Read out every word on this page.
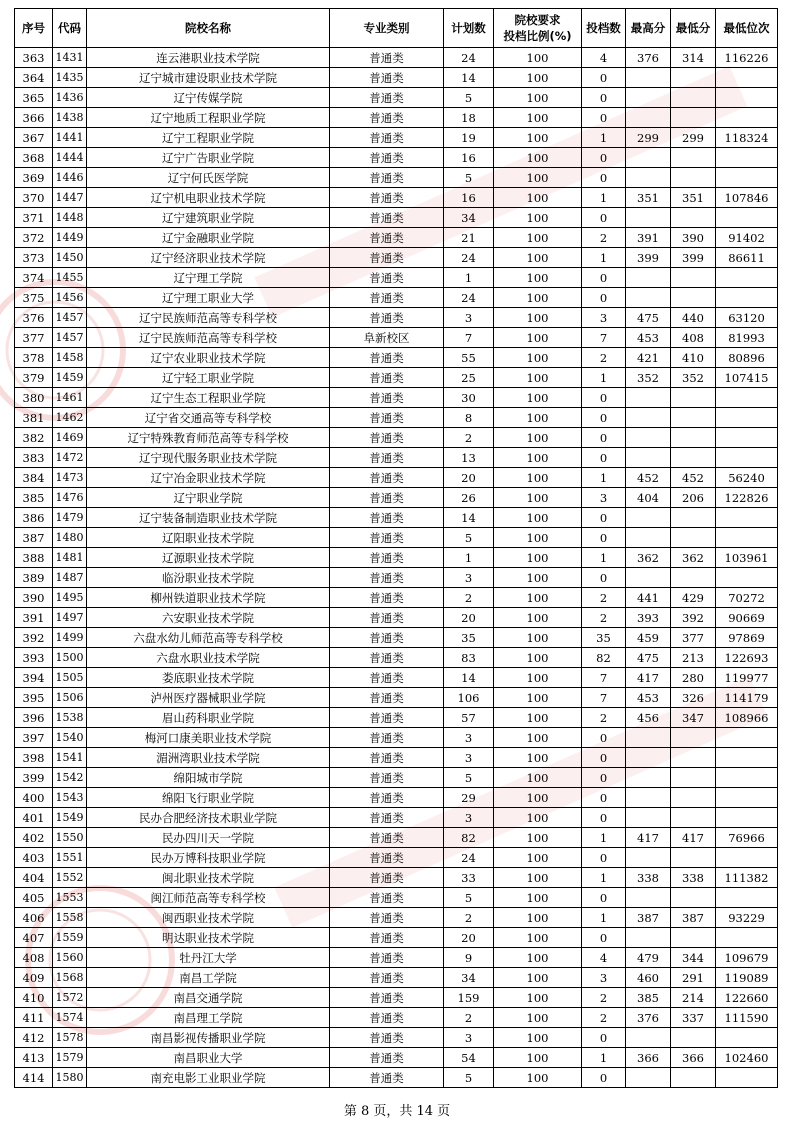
序号	代码	院校名称	专业类别	计划数	院校要求
投档比例(%)	投档数	最高分	最低分	最低位次
363	1431	连云港职业技术学院	普通类	24	100	4	376	314	116226
364	1435	辽宁城市建设职业技术学院	普通类	14	100	0			
365	1436	辽宁传媒学院	普通类	5	100	0			
366	1438	辽宁地质工程职业学院	普通类	18	100	0			
367	1441	辽宁工程职业学院	普通类	19	100	1	299	299	118324
368	1444	辽宁广告职业学院	普通类	16	100	0			
369	1446	辽宁何氏医学院	普通类	5	100	0			
370	1447	辽宁机电职业技术学院	普通类	16	100	1	351	351	107846
371	1448	辽宁建筑职业学院	普通类	34	100	0			
372	1449	辽宁金融职业学院	普通类	21	100	2	391	390	91402
373	1450	辽宁经济职业技术学院	普通类	24	100	1	399	399	86611
374	1455	辽宁理工学院	普通类	1	100	0			
375	1456	辽宁理工职业大学	普通类	24	100	0			
376	1457	辽宁民族师范高等专科学校	普通类	3	100	3	475	440	63120
377	1457	辽宁民族师范高等专科学校	阜新校区	7	100	7	453	408	81993
378	1458	辽宁农业职业技术学院	普通类	55	100	2	421	410	80896
379	1459	辽宁轻工职业学院	普通类	25	100	1	352	352	107415
380	1461	辽宁生态工程职业学院	普通类	30	100	0			
381	1462	辽宁省交通高等专科学校	普通类	8	100	0			
382	1469	辽宁特殊教育师范高等专科学校	普通类	2	100	0			
383	1472	辽宁现代服务职业技术学院	普通类	13	100	0			
384	1473	辽宁冶金职业技术学院	普通类	20	100	1	452	452	56240
385	1476	辽宁职业学院	普通类	26	100	3	404	206	122826
386	1479	辽宁装备制造职业技术学院	普通类	14	100	0			
387	1480	辽阳职业技术学院	普通类	5	100	0			
388	1481	辽源职业技术学院	普通类	1	100	1	362	362	103961
389	1487	临汾职业技术学院	普通类	3	100	0			
390	1495	柳州铁道职业技术学院	普通类	2	100	2	441	429	70272
391	1497	六安职业技术学院	普通类	20	100	2	393	392	90669
392	1499	六盘水幼儿师范高等专科学校	普通类	35	100	35	459	377	97869
393	1500	六盘水职业技术学院	普通类	83	100	82	475	213	122693
394	1505	娄底职业技术学院	普通类	14	100	7	417	280	119977
395	1506	泸州医疗器械职业学院	普通类	106	100	7	453	326	114179
396	1538	眉山药科职业学院	普通类	57	100	2	456	347	108966
397	1540	梅河口康美职业技术学院	普通类	3	100	0			
398	1541	湄洲湾职业技术学院	普通类	3	100	0			
399	1542	绵阳城市学院	普通类	5	100	0			
400	1543	绵阳飞行职业学院	普通类	29	100	0			
401	1549	民办合肥经济技术职业学院	普通类	3	100	0			
402	1550	民办四川天一学院	普通类	82	100	1	417	417	76966
403	1551	民办万博科技职业学院	普通类	24	100	0			
404	1552	闽北职业技术学院	普通类	33	100	1	338	338	111382
405	1553	闽江师范高等专科学校	普通类	5	100	0			
406	1558	闽西职业技术学院	普通类	2	100	1	387	387	93229
407	1559	明达职业技术学院	普通类	20	100	0			
408	1560	牡丹江大学	普通类	9	100	4	479	344	109679
409	1568	南昌工学院	普通类	34	100	3	460	291	119089
410	1572	南昌交通学院	普通类	159	100	2	385	214	122660
411	1574	南昌理工学院	普通类	2	100	2	376	337	111590
412	1578	南昌影视传播职业学院	普通类	3	100	0			
413	1579	南昌职业大学	普通类	54	100	1	366	366	102460
414	1580	南充电影工业职业学院	普通类	5	100	0			
第 8 页，共 14 页
